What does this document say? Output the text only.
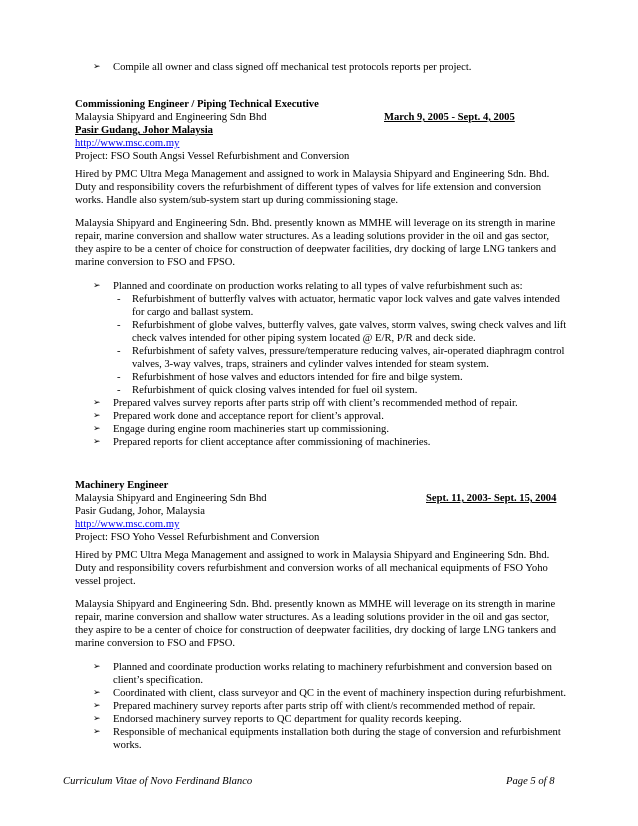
➢ Compile all owner and class signed off mechanical test protocols reports per project.
Commissioning Engineer / Piping Technical Executive
Malaysia Shipyard and Engineering Sdn Bhd	March 9, 2005 - Sept. 4, 2005
Pasir Gudang, Johor Malaysia
http://www.msc.com.my
Project: FSO South Angsi Vessel Refurbishment and Conversion
Hired by PMC Ultra Mega Management and assigned to work in Malaysia Shipyard and Engineering Sdn. Bhd.
Duty and responsibility covers the refurbishment of different types of valves for life extension and conversion
works. Handle also system/sub-system start up during commissioning stage.
Malaysia Shipyard and Engineering Sdn. Bhd. presently known as MMHE will leverage on its strength in marine
repair, marine conversion and shallow water structures. As a leading solutions provider in the oil and gas sector,
they aspire to be a center of choice for construction of deepwater facilities, dry docking of large LNG tankers and
marine conversion to FSO and FPSO.
➢ Planned and coordinate on production works relating to all types of valve refurbishment such as:
-	Refurbishment of butterfly valves with actuator, hermatic vapor lock valves and gate valves intended
for cargo and ballast system.
-	Refurbishment of globe valves, butterfly valves, gate valves, storm valves, swing check valves and lift
check valves intended for other piping system located @ E/R, P/R and deck side.
-	Refurbishment of safety valves, pressure/temperature reducing valves, air-operated diaphragm control
valves, 3-way valves, traps, strainers and cylinder valves intended for steam system.
-	Refurbishment of hose valves and eductors intended for fire and bilge system.
-	Refurbishment of quick closing valves intended for fuel oil system.
➢ Prepared valves survey reports after parts strip off with client’s recommended method of repair.
➢ Prepared work done and acceptance report for client’s approval.
➢ Engage during engine room machineries start up commissioning.
➢ Prepared reports for client acceptance after commissioning of machineries.
Machinery Engineer
Malaysia Shipyard and Engineering Sdn Bhd	Sept. 11, 2003- Sept. 15, 2004
Pasir Gudang, Johor, Malaysia
http://www.msc.com.my
Project: FSO Yoho Vessel Refurbishment and Conversion
Hired by PMC Ultra Mega Management and assigned to work in Malaysia Shipyard and Engineering Sdn. Bhd.
Duty and responsibility covers refurbishment and conversion works of all mechanical equipments of FSO Yoho
vessel project.
Malaysia Shipyard and Engineering Sdn. Bhd. presently known as MMHE will leverage on its strength in marine
repair, marine conversion and shallow water structures. As a leading solutions provider in the oil and gas sector,
they aspire to be a center of choice for construction of deepwater facilities, dry docking of large LNG tankers and
marine conversion to FSO and FPSO.
➢ Planned and coordinate production works relating to machinery refurbishment and conversion based on
client’s specification.
➢ Coordinated with client, class surveyor and QC in the event of machinery inspection during refurbishment.
➢ Prepared machinery survey reports after parts strip off with client/s recommended method of repair.
➢ Endorsed machinery survey reports to QC department for quality records keeping.
➢ Responsible of mechanical equipments installation both during the stage of conversion and refurbishment
works.
Curriculum Vitae of Novo Ferdinand Blanco	Page 5 of 8
